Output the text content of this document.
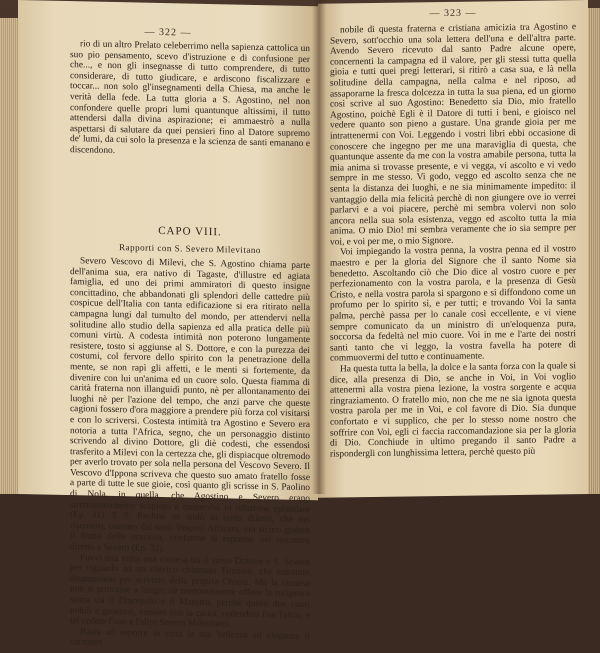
— 322 —

rio di un altro Prelato celeberrimo nella sapienza cattolica un suo pio pensamento, scevo d'istruzione e di confusione per che..., e non gli insegnasse di tutto comprendere, di tutto considerare, di tutto giudicare, e ardiscono fiscalizzare e toccar... non solo gl'insegnamenti della Chiesa, ma anche le verità della fede. La tutta gloria a S. Agostino, nel non confondere quelle propri lumi quantunque altissimi, il tutto attendersi dalla divina aspirazione; ei ammaestrò a nulla aspettarsi di salutare da quei pensieri fino al Datore supremo de' lumi, da cui solo la presenza e la scienza de santi emanano e discendono.

CAPO VIII.

Rapporti con S. Severo Milevitano

Severo Vescovo di Milevi, che S. Agostino chiama parte dell'anima sua, era nativo di Tagaste, d'illustre ed agiata famiglia, ed uno dei primi ammiratori di questo insigne concittadino, che abbandonati gli splendori delle cattedre più cospicue dell'Italia con tanta edificazione si era ritirato nella campagna lungi dal tumulto del mondo, per attendervi nella solitudine allo studio della sapienza ed alla pratica delle più comuni virtù. A codesta intimità non poterono lungamente resistere, tosto si aggiunse al S. Dottore, e con la purezza dei costumi, col fervore dello spirito con la penetrazione della mente, se non rapì gli affetti, e le menti si fortemente, da divenire con lui un'anima ed un cuore solo. Questa fiamma di carità fraterna non illanguidì punto, nè per allontanamento dei luoghi nè per l'azione del tempo, che anzi parve che queste cagioni fossero d'ora maggiore a prendere più forza col visitarsi e con lo scriversi. Costesta intimità tra Agostino e Severo era notoria a tutta l'Africa, segno, che un personaggio distinto scrivendo al divino Dottore, gli diè codesti, che essendosi trasferito a Milevi con la certezza che, gli dispiacque oltremodo per averlo trovato per sola nella persona del Vescovo Severo. Il Vescovo d'Ippona scriveva che questo suo amato fratello fosse a parte di tutte le sue gioie, così quanto gli scrisse in S. Paolino di Nola, in quella, che Agostino e Severo erano strettissimamente sospinto a mettervisi in relazione epistolare (Ep. 31). E S. Paolino ne andò in tanto diletto, che nel riscontro, onorato dai santi Vescovi Africani, era sicuro godere il frutto delle orazioni, conforme si espresse nel riscontro diretto a Severo (Ep. 32).

Fuvvi una volta una contesa tra il santo Dottore e S. Severo per riguardo ad un cherico chiamato Timoteo, che entrambi disputavano per servizio della propria Chiesa. Ma la contesa non si protrasse a lungo; nè menomamente offese la reciproca stima tra il Discepolo e il Maestro, perchè questi due cuori nobili e generosi, vinsero con la carità, cedendosi l'un l'altro, e tal cedere l'uno e l'altro Severo Milevitano.

Basta ad esporre in tutta la sua bellezza ed eleganza il carattere

— 323 —

nobile di questa fraterna e cristiana amicizia tra Agostino e Severo, sott'occhio una sola lettera dell'una e dell'altra parte. Avendo Severo ricevuto dal santo Padre alcune opere, concernenti la campagna ed il valore, per gli stessi tutta quella gioia e tutti quei pregi letterari, si ritirò a casa sua, e là nella solitudine della campagna, nella calma e nel riposo, ad assaporarne la fresca dolcezza in tutta la sua piena, ed un giorno così scrive al suo Agostino: Benedetto sia Dio, mio fratello Agostino, poichè Egli è il Datore di tutti i beni, e gioisco nel vedere quanto son pieno a gustare. Una grande gioia per me intrattenermi con Voi. Leggendo i vostri libri ebbi occasione di conoscere che ingegno per me una maraviglia di questa, che quantunque assente da me con la vostra amabile persona, tutta la mia anima si trovasse presente, e vi vegga, vi ascolto e vi vedo sempre in me stesso. Vi godo, veggo ed ascolto senza che ne senta la distanza dei luoghi, e ne sia minimamente impedito: il vantaggio della mia felicità perchè di non giungere ove io verrei parlarvi e a voi piacere, perchè mi sembra volervi non solo ancora nella sua sola esistenza, veggo ed ascolto tutta la mia anima. O mio Dio! mi sembra veramente che io sia sempre per voi, e voi per me, o mio Signore.

Voi impiegando la vostra penna, la vostra penna ed il vostro maestro e per la gloria del Signore che il santo Nome sia benedetto. Ascoltando ciò che Dio dice al vostro cuore e per perfezionamento con la vostra parola, e la presenza di Gesù Cristo, e nella vostra parola si spargono e si diffondono come un profumo per lo spirito sì, e per tutti; e trovando Voi la santa palma, perchè passa per lo canale così eccellente, e vi viene sempre comunicato da un ministro di un'eloquenza pura, soccorsa da fedeltà nel mio cuore. Voi in me e l'arte dei nostri santi tanto che vi leggo, la vostra favella ha potere di commuovermi del tutto e continuamente.

Ha questa tutta la bella, la dolce e la santa forza con la quale si dice, alla presenza di Dio, se anche in Voi, in Voi voglio attenermi alla vostra piena lezione, la vostra sorgente e acqua ringraziamento. O fratello mio, non che me ne sia ignota questa vostra parola per me in Voi, e col favore di Dio. Sia dunque confortato e vi supplico, che per lo stesso nome nostro che soffrire con Voi, egli ci faccia raccomandazione sia per la gloria di Dio. Conchiude in ultimo pregando il santo Padre a rispondergli con lunghissima lettera, perchè questo più
